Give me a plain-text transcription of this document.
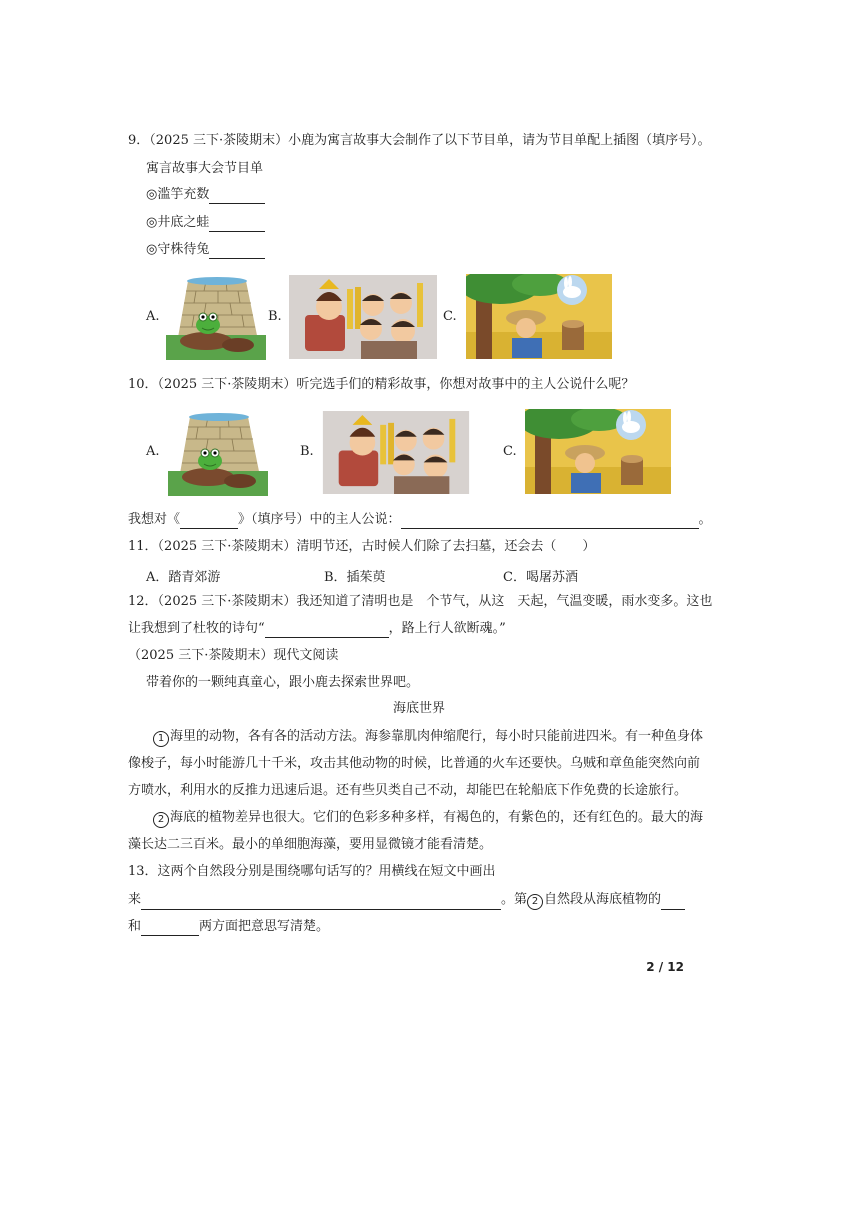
9．（2025 三下·茶陵期末）小鹿为寓言故事大会制作了以下节目单，请为节目单配上插图（填序号）。
寓言故事大会节目单
◎滥竽充数
◎井底之蛙
◎守株待兔
A.	B.	C.
10．（2025 三下·茶陵期末）听完选手们的精彩故事，你想对故事中的主人公说什么呢？
A.	B.	C.
我想对《	》（填序号）中的主人公说：	。
11．（2025 三下·茶陵期末）清明节还，古时候人们除了去扫墓，还会去（　　）
A．踏青郊游	B．插茱萸	C．喝屠苏酒
12．（2025 三下·茶陵期末）我还知道了清明也是　个节气，从这　天起，气温变暖，雨水变多。这也
让我想到了杜牧的诗句“	，路上行人欲断魂。”
（2025 三下·茶陵期末）现代文阅读
带着你的一颗纯真童心，跟小鹿去探索世界吧。
海底世界
1 海里的动物，各有各的活动方法。海参靠肌肉伸缩爬行，每小时只能前进四米。有一种鱼身体
像梭子，每小时能游几十千米，攻击其他动物的时候，比普通的火车还要快。乌贼和章鱼能突然向前
方喷水，利用水的反推力迅速后退。还有些贝类自己不动，却能巴在轮船底下作免费的长途旅行。
2 海底的植物差异也很大。它们的色彩多种多样，有褐色的，有紫色的，还有红色的。最大的海
藻长达二三百米。最小的单细胞海藻，要用显微镜才能看清楚。
13．这两个自然段分别是围绕哪句话写的？用横线在短文中画出
来	。第 2 自然段从海底植物的
和	两方面把意思写清楚。
2 / 12
